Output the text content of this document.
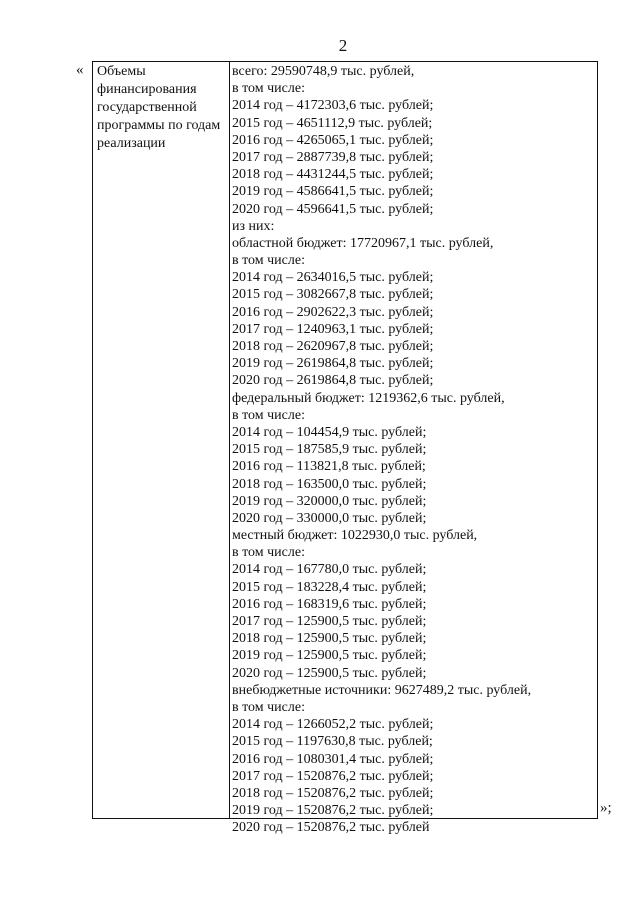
2
« Объемы
финансирования
государственной
программы по годам
реализации
всего: 29590748,9 тыс. рублей,
в том числе:
2014 год – 4172303,6 тыс. рублей;
2015 год – 4651112,9 тыс. рублей;
2016 год – 4265065,1 тыс. рублей;
2017 год – 2887739,8 тыс. рублей;
2018 год – 4431244,5 тыс. рублей;
2019 год – 4586641,5 тыс. рублей;
2020 год – 4596641,5 тыс. рублей;
из них:
областной бюджет: 17720967,1 тыс. рублей,
в том числе:
2014 год – 2634016,5 тыс. рублей;
2015 год – 3082667,8 тыс. рублей;
2016 год – 2902622,3 тыс. рублей;
2017 год – 1240963,1 тыс. рублей;
2018 год – 2620967,8 тыс. рублей;
2019 год – 2619864,8 тыс. рублей;
2020 год – 2619864,8 тыс. рублей;
федеральный бюджет: 1219362,6 тыс. рублей,
в том числе:
2014 год – 104454,9 тыс. рублей;
2015 год – 187585,9 тыс. рублей;
2016 год – 113821,8 тыс. рублей;
2018 год – 163500,0 тыс. рублей;
2019 год – 320000,0 тыс. рублей;
2020 год – 330000,0 тыс. рублей;
местный бюджет: 1022930,0 тыс. рублей,
в том числе:
2014 год – 167780,0 тыс. рублей;
2015 год – 183228,4 тыс. рублей;
2016 год – 168319,6 тыс. рублей;
2017 год – 125900,5 тыс. рублей;
2018 год – 125900,5 тыс. рублей;
2019 год – 125900,5 тыс. рублей;
2020 год – 125900,5 тыс. рублей;
внебюджетные источники: 9627489,2 тыс. рублей,
в том числе:
2014 год – 1266052,2 тыс. рублей;
2015 год – 1197630,8 тыс. рублей;
2016 год – 1080301,4 тыс. рублей;
2017 год – 1520876,2 тыс. рублей;
2018 год – 1520876,2 тыс. рублей;
2019 год – 1520876,2 тыс. рублей;
2020 год – 1520876,2 тыс. рублей
»;
